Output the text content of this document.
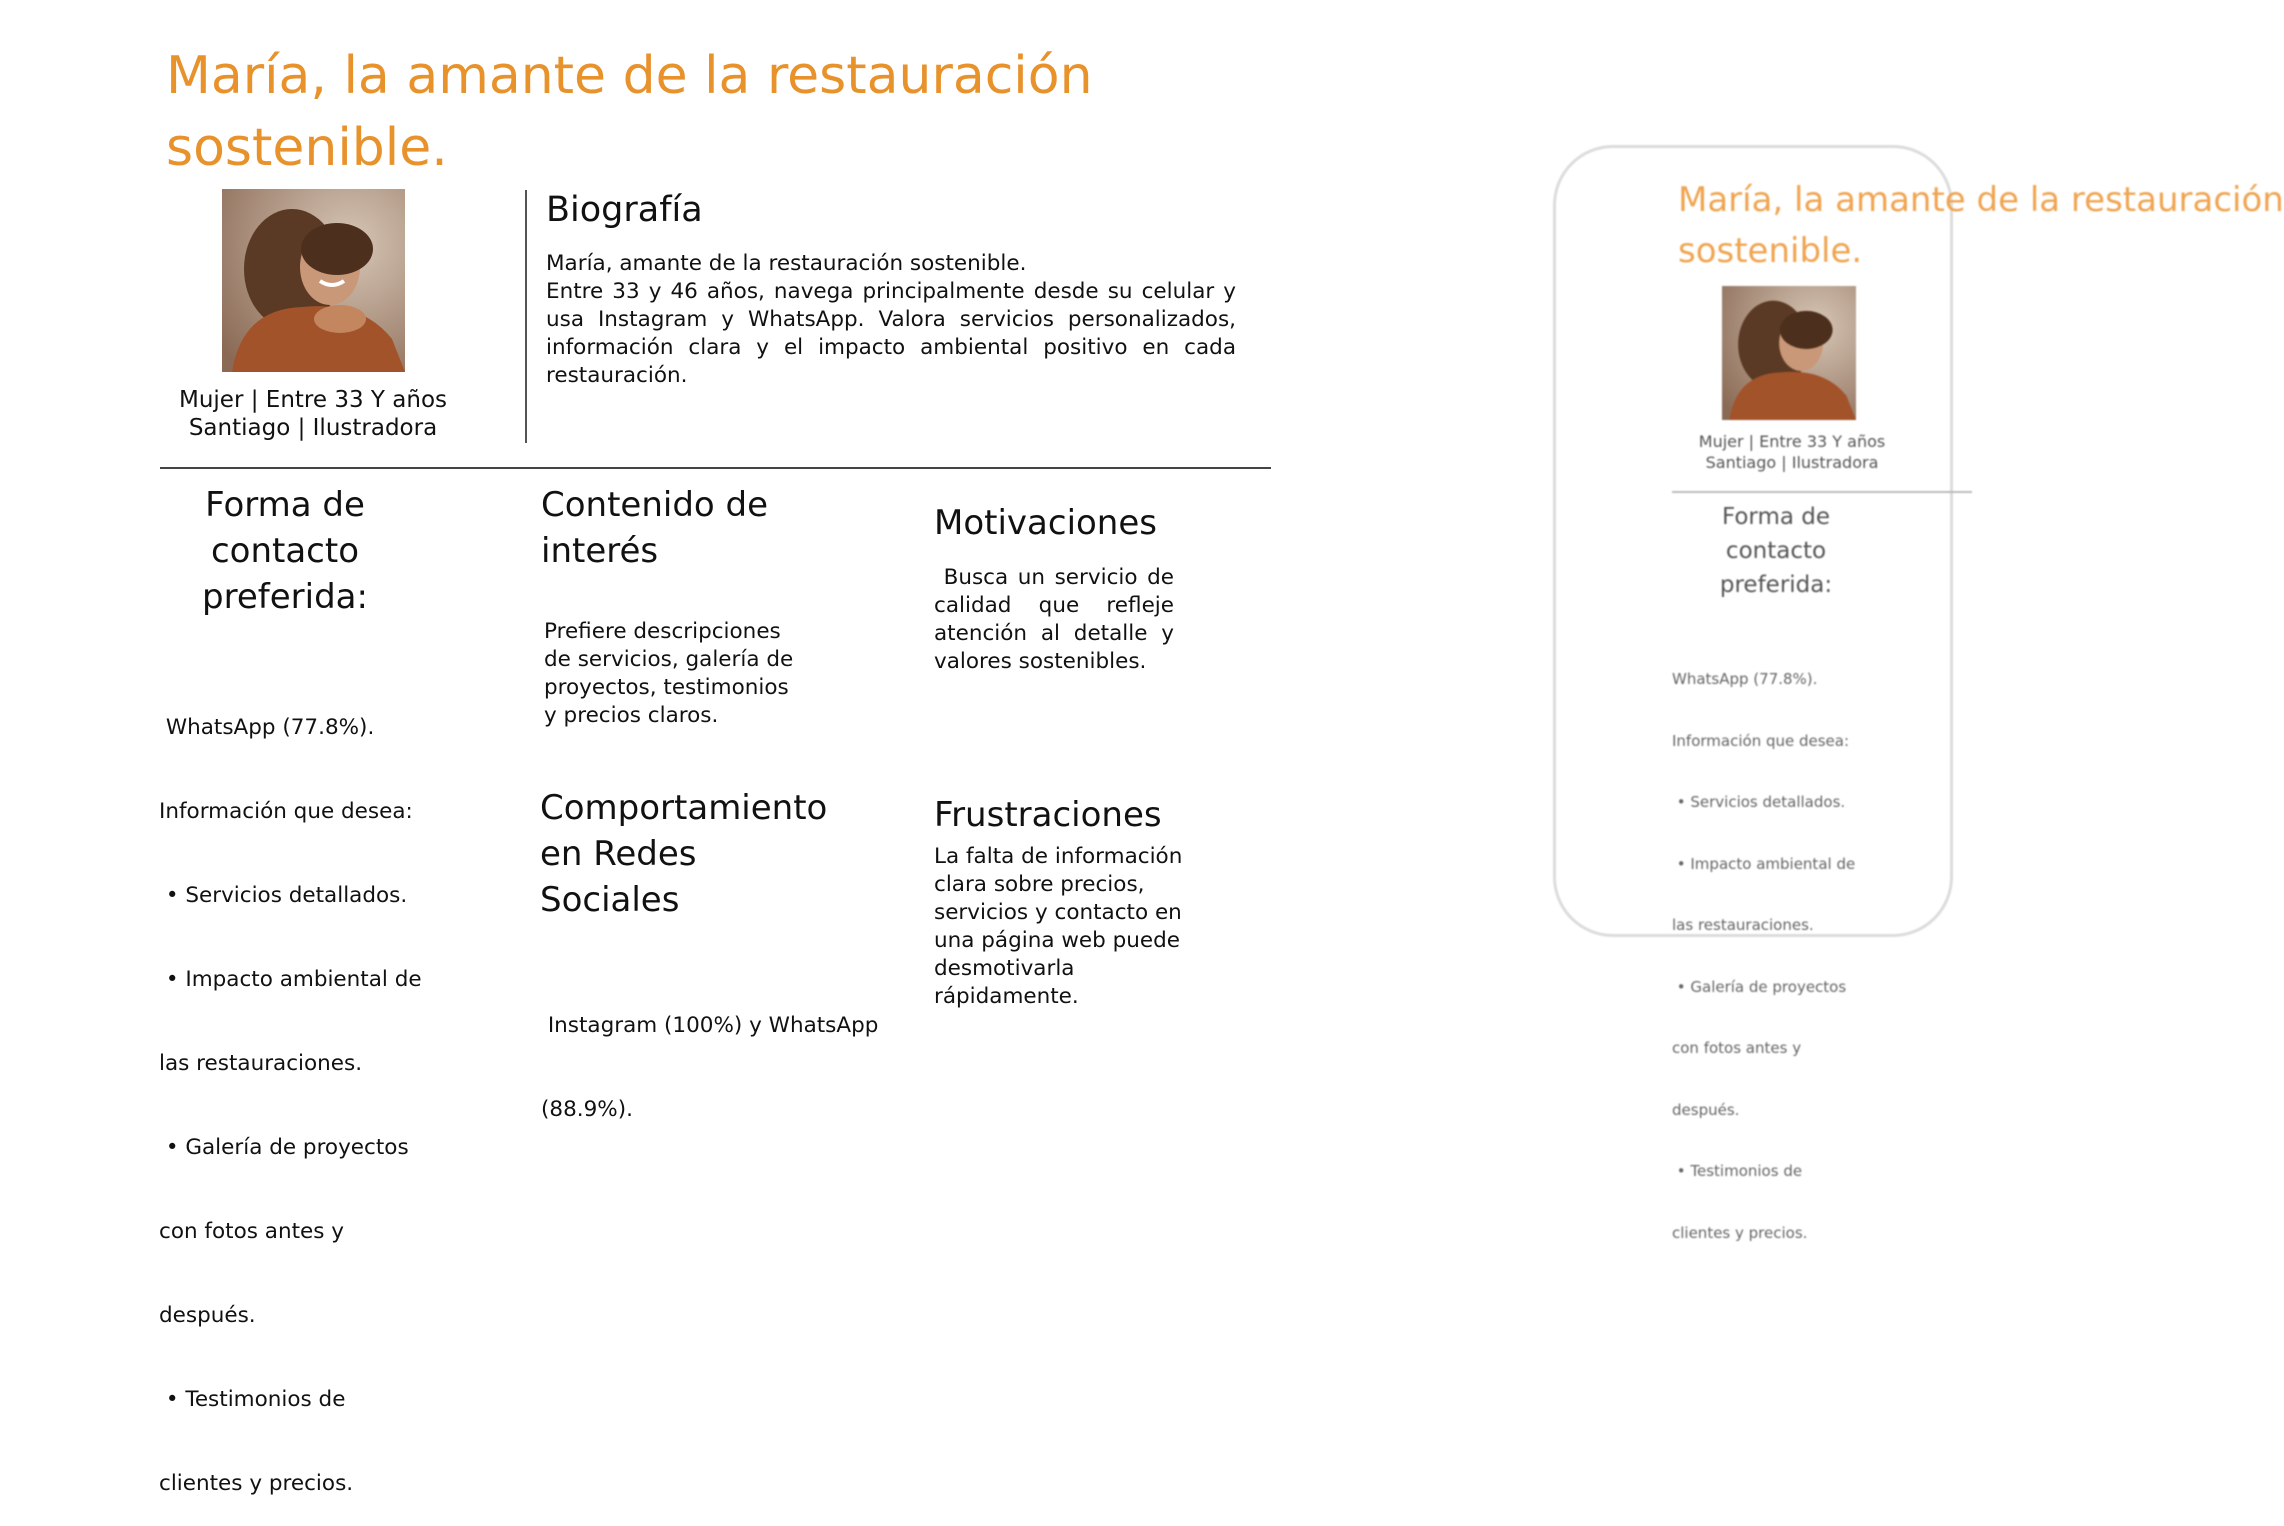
María, la amante de la restauración
sostenible.
Mujer | Entre 33 Y años
Santiago | Ilustradora
Biografía
María, amante de la restauración sostenible.
Entre 33 y 46 años, navega principalmente desde su celular y usa Instagram y WhatsApp. Valora servicios personalizados, información clara y el impacto ambiental positivo en cada restauración.
Forma de
contacto
preferida:

WhatsApp (77.8%).

Información que desea:

• Servicios detallados.

• Impacto ambiental de

las restauraciones.

• Galería de proyectos

con fotos antes y

después.

• Testimonios de

clientes y precios.

Contenido de
interés
Prefiere descripciones
de servicios, galería de
proyectos, testimonios
y precios claros.
Motivaciones
Busca un servicio de calidad que refleje atención al detalle y valores sostenibles.
Comportamiento
en Redes
Sociales

Instagram (100%) y WhatsApp

(88.9%).

Frustraciones
La falta de información
clara sobre precios,
servicios y contacto en
una página web puede
desmotivarla
rápidamente.
María, la amante de la restauración
sostenible.
Mujer | Entre 33 Y años
Santiago | Ilustradora
Forma de
contacto
preferida:

WhatsApp (77.8%).

Información que desea:

• Servicios detallados.

• Impacto ambiental de

las restauraciones.

• Galería de proyectos

con fotos antes y

después.

• Testimonios de

clientes y precios.
